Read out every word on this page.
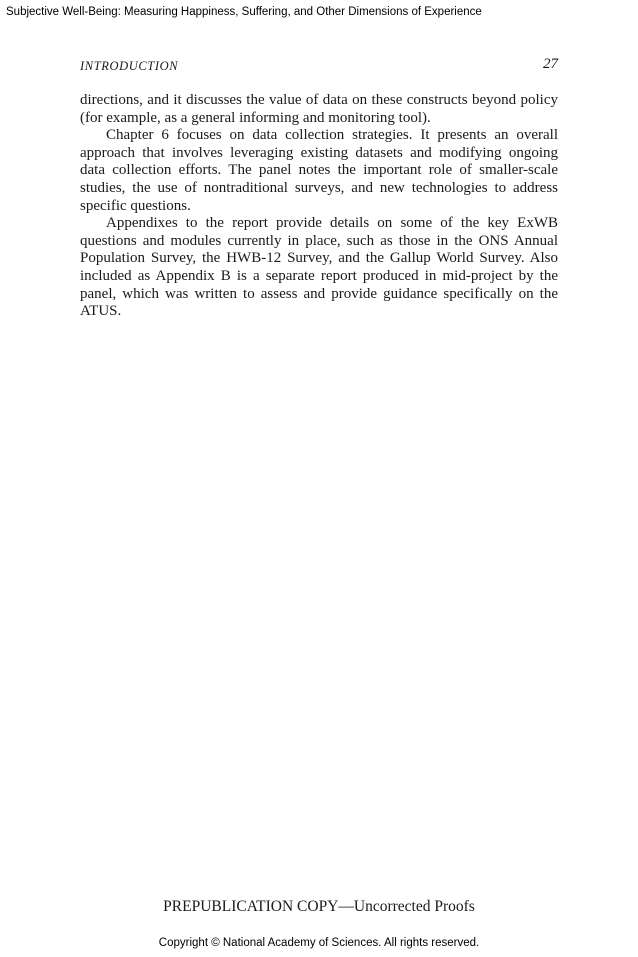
Subjective Well-Being: Measuring Happiness, Suffering, and Other Dimensions of Experience
INTRODUCTION	27

directions, and it discusses the value of data on these constructs beyond policy (for example, as a general informing and monitoring tool).

Chapter 6 focuses on data collection strategies. It presents an overall approach that involves leveraging existing datasets and modifying ongoing data collection efforts. The panel notes the important role of smaller-scale studies, the use of nontraditional surveys, and new technologies to address specific questions.

Appendixes to the report provide details on some of the key ExWB questions and modules currently in place, such as those in the ONS Annual Population Survey, the HWB-12 Survey, and the Gallup World Survey. Also included as Appendix B is a separate report produced in mid-project by the panel, which was written to assess and provide guidance specifically on the ATUS.

PREPUBLICATION COPY—Uncorrected Proofs
Copyright © National Academy of Sciences. All rights reserved.
